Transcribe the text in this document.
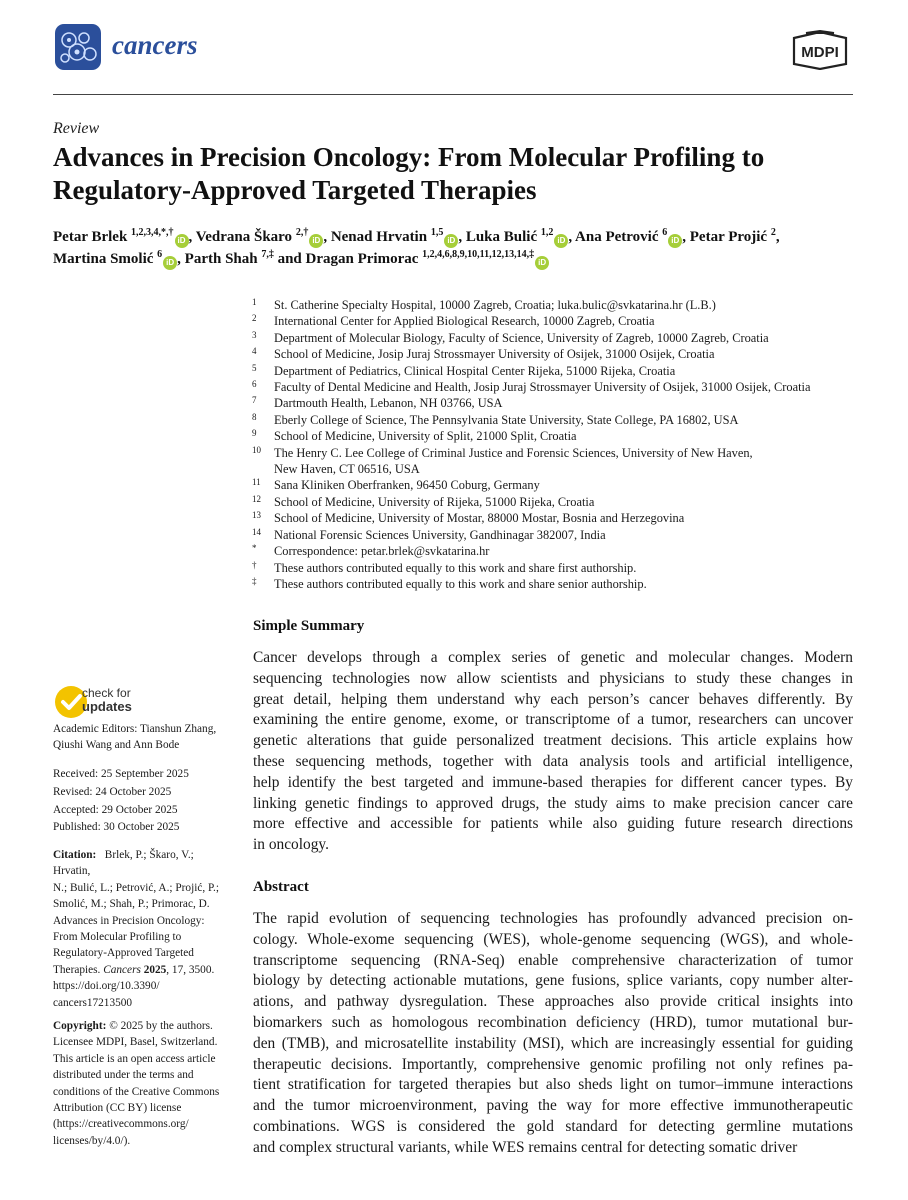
cancers	MDPI
Review
Advances in Precision Oncology: From Molecular Profiling to
Regulatory-Approved Targeted Therapies
Petar Brlek $^{1,2,3,4,*,\dagger}$iD , Vedrana Škaro $^{2,\dagger}$iD , Nenad Hrvatin $^{1,5}$iD , Luka Bulić $^{1,2}$iD , Ana Petrović $^6$iD , Petar Projić $^2$,
Martina Smolić $^6$iD , Parth Shah $^{7,\ddagger}$ and Dragan Primorac $^{1,2,4,6,8,9,10,11,12,13,14,\ddagger}$iD
1 St. Catherine Specialty Hospital, 10000 Zagreb, Croatia; luka.bulic@svkatarina.hr (L.B.)
2 International Center for Applied Biological Research, 10000 Zagreb, Croatia
3 Department of Molecular Biology, Faculty of Science, University of Zagreb, 10000 Zagreb, Croatia
4 School of Medicine, Josip Juraj Strossmayer University of Osijek, 31000 Osijek, Croatia
5 Department of Pediatrics, Clinical Hospital Center Rijeka, 51000 Rijeka, Croatia
6 Faculty of Dental Medicine and Health, Josip Juraj Strossmayer University of Osijek, 31000 Osijek, Croatia
7 Dartmouth Health, Lebanon, NH 03766, USA
8 Eberly College of Science, The Pennsylvania State University, State College, PA 16802, USA
9 School of Medicine, University of Split, 21000 Split, Croatia
10 The Henry C. Lee College of Criminal Justice and Forensic Sciences, University of New Haven,
New Haven, CT 06516, USA
11 Sana Kliniken Oberfranken, 96450 Coburg, Germany
12 School of Medicine, University of Rijeka, 51000 Rijeka, Croatia
13 School of Medicine, University of Mostar, 88000 Mostar, Bosnia and Herzegovina
14 National Forensic Sciences University, Gandhinagar 382007, India
* Correspondence: petar.brlek@svkatarina.hr
† These authors contributed equally to this work and share first authorship.
‡ These authors contributed equally to this work and share senior authorship.
Simple Summary
Cancer develops through a complex series of genetic and molecular changes. Modern
sequencing technologies now allow scientists and physicians to study these changes in
great detail, helping them understand why each person’s cancer behaves differently. By
examining the entire genome, exome, or transcriptome of a tumor, researchers can uncover
genetic alterations that guide personalized treatment decisions. This article explains how
these sequencing methods, together with data analysis tools and artificial intelligence,
help identify the best targeted and immune-based therapies for different cancer types. By
linking genetic findings to approved drugs, the study aims to make precision cancer care
more effective and accessible for patients while also guiding future research directions
in oncology.
Abstract
The rapid evolution of sequencing technologies has profoundly advanced precision on-
cology. Whole-exome sequencing (WES), whole-genome sequencing (WGS), and whole-
transcriptome sequencing (RNA-Seq) enable comprehensive characterization of tumor
biology by detecting actionable mutations, gene fusions, splice variants, copy number alter-
ations, and pathway dysregulation. These approaches also provide critical insights into
biomarkers such as homologous recombination deficiency (HRD), tumor mutational bur-
den (TMB), and microsatellite instability (MSI), which are increasingly essential for guiding
therapeutic decisions. Importantly, comprehensive genomic profiling not only refines pa-
tient stratification for targeted therapies but also sheds light on tumor–immune interactions
and the tumor microenvironment, paving the way for more effective immunotherapeutic
combinations. WGS is considered the gold standard for detecting germline mutations
and complex structural variants, while WES remains central for detecting somatic driver
check for
updates
Academic Editors: Tianshun Zhang,
Qiushi Wang and Ann Bode
Received: 25 September 2025
Revised: 24 October 2025
Accepted: 29 October 2025
Published: 30 October 2025
Citation: Brlek, P.; Škaro, V.; Hrvatin,
N.; Bulić, L.; Petrović, A.; Projić, P.;
Smolić, M.; Shah, P.; Primorac, D.
Advances in Precision Oncology:
From Molecular Profiling to
Regulatory-Approved Targeted
Therapies. Cancers 2025, 17, 3500.
https://doi.org/10.3390/
cancers17213500
Copyright: © 2025 by the authors.
Licensee MDPI, Basel, Switzerland.
This article is an open access article
distributed under the terms and
conditions of the Creative Commons
Attribution (CC BY) license
(https://creativecommons.org/
licenses/by/4.0/).
